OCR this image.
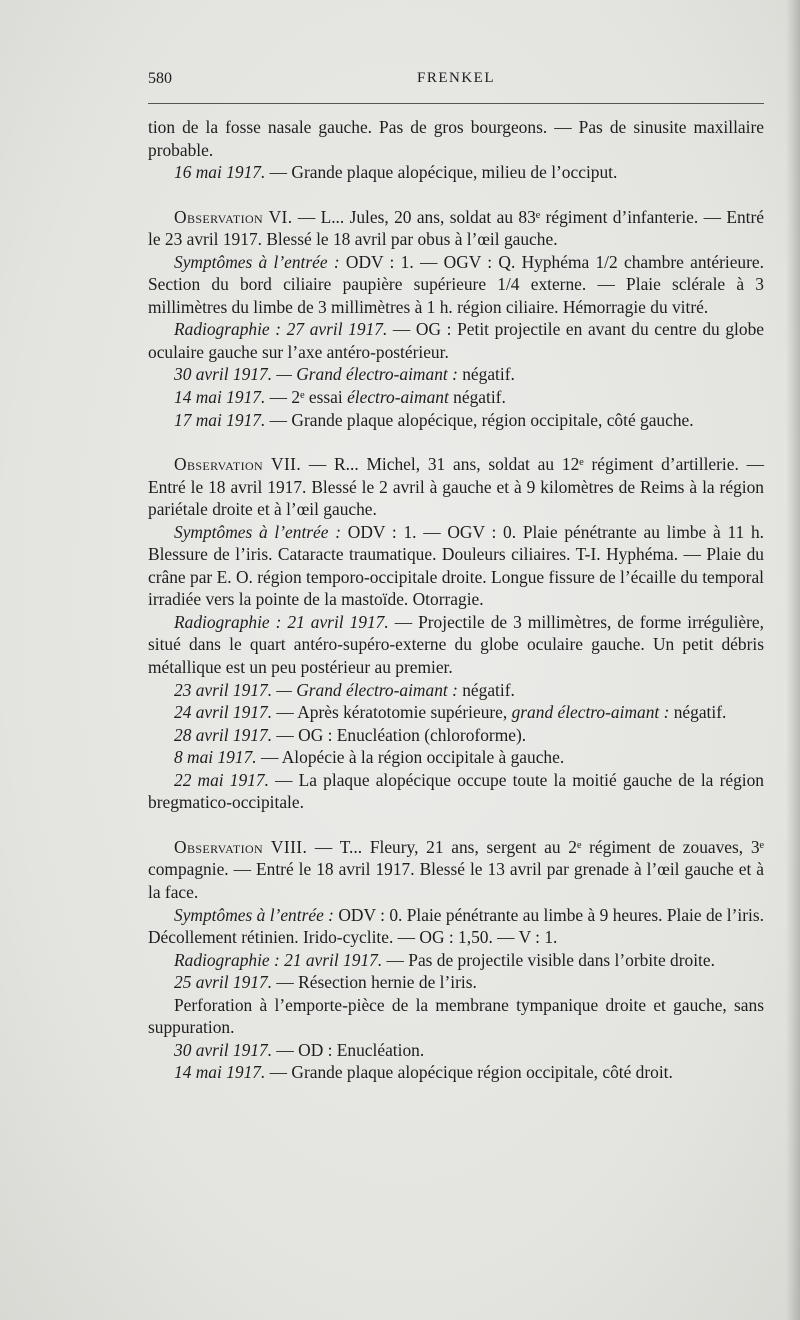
580	FRENKEL

tion de la fosse nasale gauche. Pas de gros bourgeons. — Pas de sinusite maxillaire probable.

16 mai 1917. — Grande plaque alopécique, milieu de l’occiput.

Observation VI. — L... Jules, 20 ans, soldat au 83ᵉ régiment d’infanterie. — Entré le 23 avril 1917. Blessé le 18 avril par obus à l’œil gauche.

Symptômes à l’entrée : ODV : 1. — OGV : Q. Hyphéma 1/2 chambre antérieure. Section du bord ciliaire paupière supérieure 1/4 externe. — Plaie sclérale à 3 millimètres du limbe de 3 millimètres à 1 h. région ciliaire. Hémorragie du vitré.

Radiographie : 27 avril 1917. — OG : Petit projectile en avant du centre du globe oculaire gauche sur l’axe antéro-postérieur.

30 avril 1917. — Grand électro-aimant : négatif.

14 mai 1917. — 2ᵉ essai électro-aimant négatif.

17 mai 1917. — Grande plaque alopécique, région occipitale, côté gauche.

Observation VII. — R... Michel, 31 ans, soldat au 12ᵉ régiment d’artillerie. — Entré le 18 avril 1917. Blessé le 2 avril à gauche et à 9 kilomètres de Reims à la région pariétale droite et à l’œil gauche.

Symptômes à l’entrée : ODV : 1. — OGV : 0. Plaie pénétrante au limbe à 11 h. Blessure de l’iris. Cataracte traumatique. Douleurs ciliaires. T-I. Hyphéma. — Plaie du crâne par E. O. région temporo-occipitale droite. Longue fissure de l’écaille du temporal irradiée vers la pointe de la mastoïde. Otorragie.

Radiographie : 21 avril 1917. — Projectile de 3 millimètres, de forme irrégulière, situé dans le quart antéro-supéro-externe du globe oculaire gauche. Un petit débris métallique est un peu postérieur au premier.

23 avril 1917. — Grand électro-aimant : négatif.

24 avril 1917. — Après kératotomie supérieure, grand électro-aimant : négatif.

28 avril 1917. — OG : Enucléation (chloroforme).

8 mai 1917. — Alopécie à la région occipitale à gauche.

22 mai 1917. — La plaque alopécique occupe toute la moitié gauche de la région bregmatico-occipitale.

Observation VIII. — T... Fleury, 21 ans, sergent au 2ᵉ régiment de zouaves, 3ᵉ compagnie. — Entré le 18 avril 1917. Blessé le 13 avril par grenade à l’œil gauche et à la face.

Symptômes à l’entrée : ODV : 0. Plaie pénétrante au limbe à 9 heures. Plaie de l’iris. Décollement rétinien. Irido-cyclite. — OG : 1,50. — V : 1.

Radiographie : 21 avril 1917. — Pas de projectile visible dans l’orbite droite.

25 avril 1917. — Résection hernie de l’iris.

Perforation à l’emporte-pièce de la membrane tympanique droite et gauche, sans suppuration.

30 avril 1917. — OD : Enucléation.

14 mai 1917. — Grande plaque alopécique région occipitale, côté droit.
